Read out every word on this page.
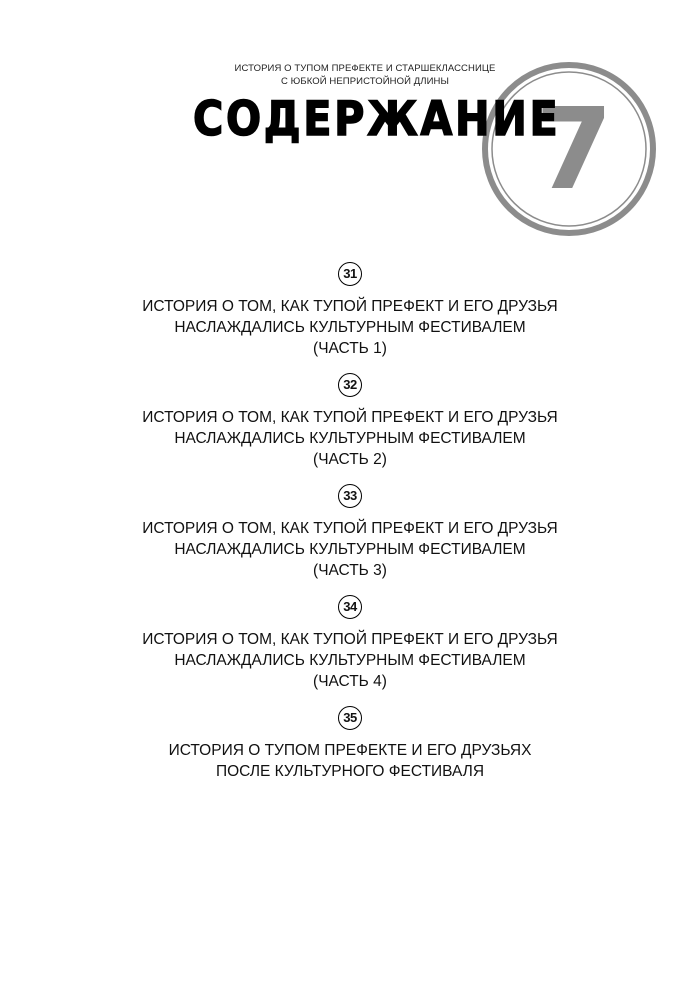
ИСТОРИЯ О ТУПОМ ПРЕФЕКТЕ И СТАРШЕКЛАССНИЦЕ
С ЮБКОЙ НЕПРИСТОЙНОЙ ДЛИНЫ
7
СОДЕРЖАНИЕ
31
ИСТОРИЯ О ТОМ, КАК ТУПОЙ ПРЕФЕКТ И ЕГО ДРУЗЬЯ
НАСЛАЖДАЛИСЬ КУЛЬТУРНЫМ ФЕСТИВАЛЕМ
(ЧАСТЬ 1)
32
ИСТОРИЯ О ТОМ, КАК ТУПОЙ ПРЕФЕКТ И ЕГО ДРУЗЬЯ
НАСЛАЖДАЛИСЬ КУЛЬТУРНЫМ ФЕСТИВАЛЕМ
(ЧАСТЬ 2)
33
ИСТОРИЯ О ТОМ, КАК ТУПОЙ ПРЕФЕКТ И ЕГО ДРУЗЬЯ
НАСЛАЖДАЛИСЬ КУЛЬТУРНЫМ ФЕСТИВАЛЕМ
(ЧАСТЬ 3)
34
ИСТОРИЯ О ТОМ, КАК ТУПОЙ ПРЕФЕКТ И ЕГО ДРУЗЬЯ
НАСЛАЖДАЛИСЬ КУЛЬТУРНЫМ ФЕСТИВАЛЕМ
(ЧАСТЬ 4)
35
ИСТОРИЯ О ТУПОМ ПРЕФЕКТЕ И ЕГО ДРУЗЬЯХ
ПОСЛЕ КУЛЬТУРНОГО ФЕСТИВАЛЯ
